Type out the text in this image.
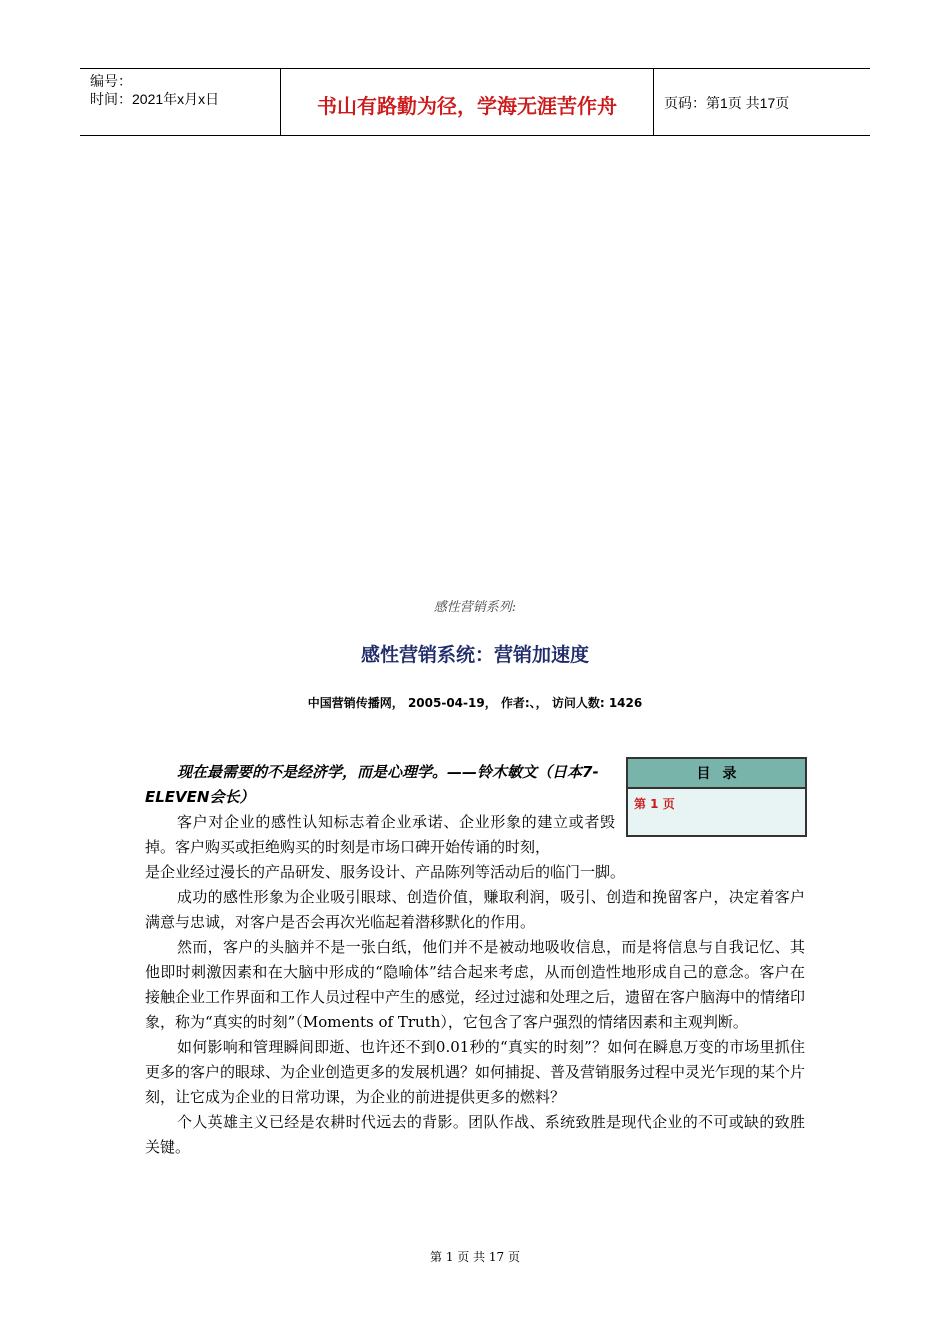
编号：
时间：2021年x月x日	书山有路勤为径，学海无涯苦作舟	页码：第1页 共17页
感性营销系列:
感性营销系统：营销加速度
中国营销传播网， 2005-04-19， 作者:、， 访问人数: 1426

现在最需要的不是经济学，而是心理学。——铃木敏文（日本7-ELEVEN会长）

客户对企业的感性认知标志着企业承诺、企业形象的建立或者毁掉。客户购买或拒绝购买的时刻是市场口碑开始传诵的时刻，

是企业经过漫长的产品研发、服务设计、产品陈列等活动后的临门一脚。

成功的感性形象为企业吸引眼球、创造价值，赚取利润，吸引、创造和挽留客户，决定着客户满意与忠诚，对客户是否会再次光临起着潜移默化的作用。

然而，客户的头脑并不是一张白纸，他们并不是被动地吸收信息，而是将信息与自我记忆、其他即时刺激因素和在大脑中形成的“隐喻体”结合起来考虑，从而创造性地形成自己的意念。客户在接触企业工作界面和工作人员过程中产生的感觉，经过过滤和处理之后，遗留在客户脑海中的情绪印象，称为“真实的时刻”（Moments of Truth），它包含了客户强烈的情绪因素和主观判断。

如何影响和管理瞬间即逝、也许还不到0.01秒的“真实的时刻”？如何在瞬息万变的市场里抓住更多的客户的眼球、为企业创造更多的发展机遇？如何捕捉、普及营销服务过程中灵光乍现的某个片刻，让它成为企业的日常功课，为企业的前进提供更多的燃料？

个人英雄主义已经是农耕时代远去的背影。团队作战、系统致胜是现代企业的不可或缺的致胜关键。

目录
第 1 页
第 1 页 共 17 页
